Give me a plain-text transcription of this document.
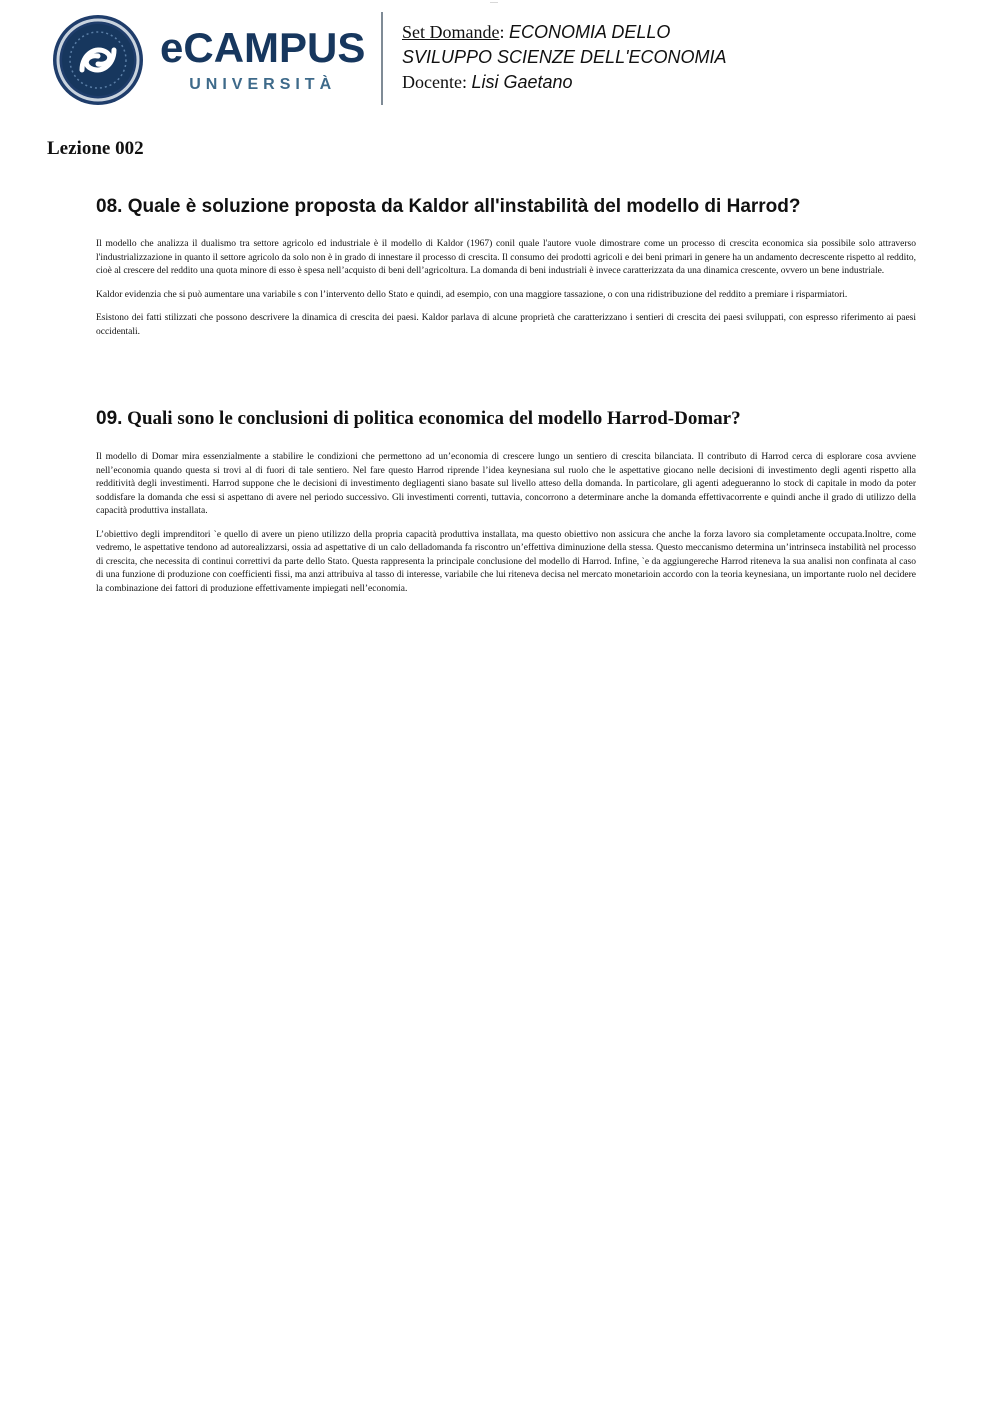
----
eCAMPUS
UNIVERSITÀ
Set Domande: ECONOMIA DELLO
SVILUPPO SCIENZE DELL'ECONOMIA
Docente: Lisi Gaetano
Lezione 002
08. Quale è soluzione proposta da Kaldor all'instabilità del modello di Harrod?

Il modello che analizza il dualismo tra settore agricolo ed industriale è il modello di Kaldor (1967) conil quale l'autore vuole dimostrare come un processo di crescita economica sia possibile solo attraverso l'industrializzazione in quanto il settore agricolo da solo non è in grado di innestare il processo di crescita. Il consumo dei prodotti agricoli e dei beni primari in genere ha un andamento decrescente rispetto al reddito, cioè al crescere del reddito una quota minore di esso è spesa nell’acquisto di beni dell’agricoltura. La domanda di beni industriali è invece caratterizzata da una dinamica crescente, ovvero un bene industriale.

Kaldor evidenzia che si può aumentare una variabile s con l’intervento dello Stato e quindi, ad esempio, con una maggiore tassazione, o con una ridistribuzione del reddito a premiare i risparmiatori.

Esistono dei fatti stilizzati che possono descrivere la dinamica di crescita dei paesi. Kaldor parlava di alcune proprietà che caratterizzano i sentieri di crescita dei paesi sviluppati, con espresso riferimento ai paesi occidentali.

09. Quali sono le conclusioni di politica economica del modello Harrod-Domar?

Il modello di Domar mira essenzialmente a stabilire le condizioni che permettono ad un’economia di crescere lungo un sentiero di crescita bilanciata. Il contributo di Harrod cerca di esplorare cosa avviene nell’economia quando questa si trovi al di fuori di tale sentiero. Nel fare questo Harrod riprende l’idea keynesiana sul ruolo che le aspettative giocano nelle decisioni di investimento degli agenti rispetto alla redditività degli investimenti. Harrod suppone che le decisioni di investimento degliagenti siano basate sul livello atteso della domanda. In particolare, gli agenti adegueranno lo stock di capitale in modo da poter soddisfare la domanda che essi si aspettano di avere nel periodo successivo. Gli investimenti correnti, tuttavia, concorrono a determinare anche la domanda effettivacorrente e quindi anche il grado di utilizzo della capacità produttiva installata.

L’obiettivo degli imprenditori `e quello di avere un pieno utilizzo della propria capacità produttiva installata, ma questo obiettivo non assicura che anche la forza lavoro sia completamente occupata.Inoltre, come vedremo, le aspettative tendono ad autorealizzarsi, ossia ad aspettative di un calo delladomanda fa riscontro un’effettiva diminuzione della stessa. Questo meccanismo determina un’intrinseca instabilità nel processo di crescita, che necessita di continui correttivi da parte dello Stato. Questa rappresenta la principale conclusione del modello di Harrod. Infine, `e da aggiungereche Harrod riteneva la sua analisi non confinata al caso di una funzione di produzione con coefficienti fissi, ma anzi attribuiva al tasso di interesse, variabile che lui riteneva decisa nel mercato monetarioin accordo con la teoria keynesiana, un importante ruolo nel decidere la combinazione dei fattori di produzione effettivamente impiegati nell’economia.
